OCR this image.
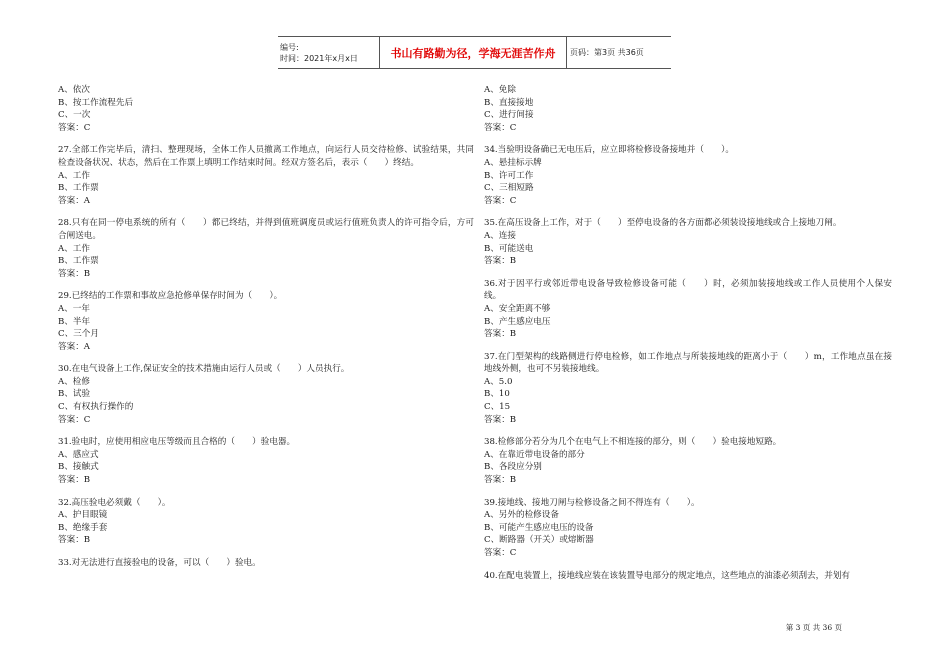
编号:
时间：2021年x月x日	书山有路勤为径，学海无涯苦作舟	页码：第3页 共36页

A、依次

B、按工作流程先后

C、一次

答案：C

27.全部工作完毕后，清扫、整理现场，全体工作人员撤离工作地点，向运行人员交待检修、试验结果，共同检查设备状况、状态，然后在工作票上填明工作结束时间。经双方签名后，表示（　　）终结。

A、工作

B、工作票

答案：A

28.只有在同一停电系统的所有（　　）都已终结，并得到值班调度员或运行值班负责人的许可指令后，方可合闸送电。

A、工作

B、工作票

答案：B

29.已终结的工作票和事故应急抢修单保存时间为（　　）。

A、一年

B、半年

C、三个月

答案：A

30.在电气设备上工作,保证安全的技术措施由运行人员或（　　）人员执行。

A、检修

B、试验

C、有权执行操作的

答案：C

31.验电时，应使用相应电压等级而且合格的（　　）验电器。

A、感应式

B、接触式

答案：B

32.高压验电必须戴（　　）。

A、护目眼镜

B、绝缘手套

答案：B

33.对无法进行直接验电的设备，可以（　　）验电。

A、免除

B、直接接地

C、进行间接

答案：C

34.当验明设备确已无电压后，应立即将检修设备接地并（　　）。

A、悬挂标示牌

B、许可工作

C、三相短路

答案：C

35.在高压设备上工作，对于（　　）至停电设备的各方面都必须装设接地线或合上接地刀闸。

A、连接

B、可能送电

答案：B

36.对于因平行或邻近带电设备导致检修设备可能（　　）时，必须加装接地线或工作人员使用个人保安线。

A、安全距离不够

B、产生感应电压

答案：B

37.在门型架构的线路侧进行停电检修，如工作地点与所装接地线的距离小于（　　）m，工作地点虽在接地线外侧，也可不另装接地线。

A、5.0

B、10

C、15

答案：B

38.检修部分若分为几个在电气上不相连接的部分，则（　　）验电接地短路。

A、在靠近带电设备的部分

B、各段应分别

答案：B

39.接地线、接地刀闸与检修设备之间不得连有（　　）。

A、另外的检修设备

B、可能产生感应电压的设备

C、断路器（开关）或熔断器

答案：C

40.在配电装置上，接地线应装在该装置导电部分的规定地点，这些地点的油漆必须刮去，并划有

第 3 页 共 36 页
